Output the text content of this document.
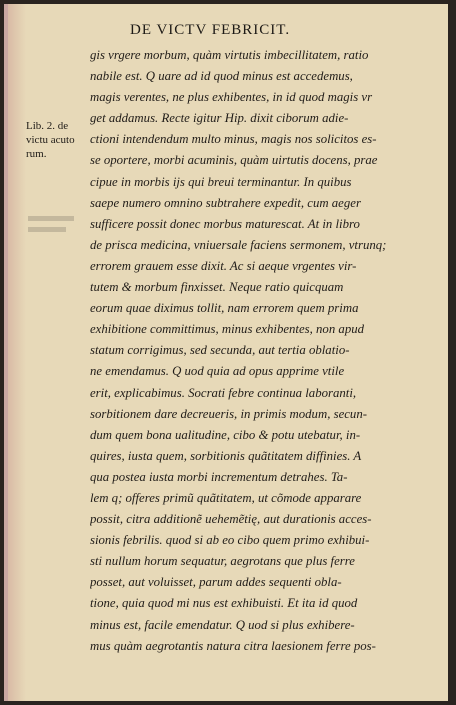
DE VICTV FEBRICIT.
Lib. 2. de
victu acuto
rum.
gis vrgere morbum, quàm virtutis imbecillitatem, ratio
nabile est. Q uare ad id quod minus est accedemus,
magis verentes, ne plus exhibentes, in id quod magis vr
get addamus. Recte igitur Hip. dixit ciborum adie-
ctioni intendendum multo minus, magis nos solicitos es-
se oportere, morbi acuminis, quàm uirtutis docens, prae
cipue in morbis ijs qui breui terminantur. In quibus
saepe numero omnino subtrahere expedit, cum aeger
sufficere possit donec morbus maturescat. At in libro
de prisca medicina, vniuersale faciens sermonem, vtrunq;
errorem grauem esse dixit. Ac si aeque vrgentes vir-
tutem & morbum finxisset. Neque ratio quicquam
eorum quae diximus tollit, nam errorem quem prima
exhibitione committimus, minus exhibentes, non apud
statum corrigimus, sed secunda, aut tertia oblatio-
ne emendamus. Q uod quia ad opus apprime vtile
erit, explicabimus. Socrati febre continua laboranti,
sorbitionem dare decreueris, in primis modum, secun-
dum quem bona ualitudine, cibo & potu utebatur, in-
quires, iusta quem, sorbitionis quãtitatem diffinies. A
qua postea iusta morbi incrementum detrahes. Ta-
lem q; offeres primũ quãtitatem, ut cõmode apparare
possit, citra additionẽ uehemẽtię, aut durationis acces-
sionis febrilis. quod si ab eo cibo quem primo exhibui-
sti nullum horum sequatur, aegrotans que plus ferre
posset, aut voluisset, parum addes sequenti obla-
tione, quia quod mi nus est exhibuisti. Et ita id quod
minus est, facile emendatur. Q uod si plus exhibere-
mus quàm aegrotantis natura citra laesionem ferre pos-
